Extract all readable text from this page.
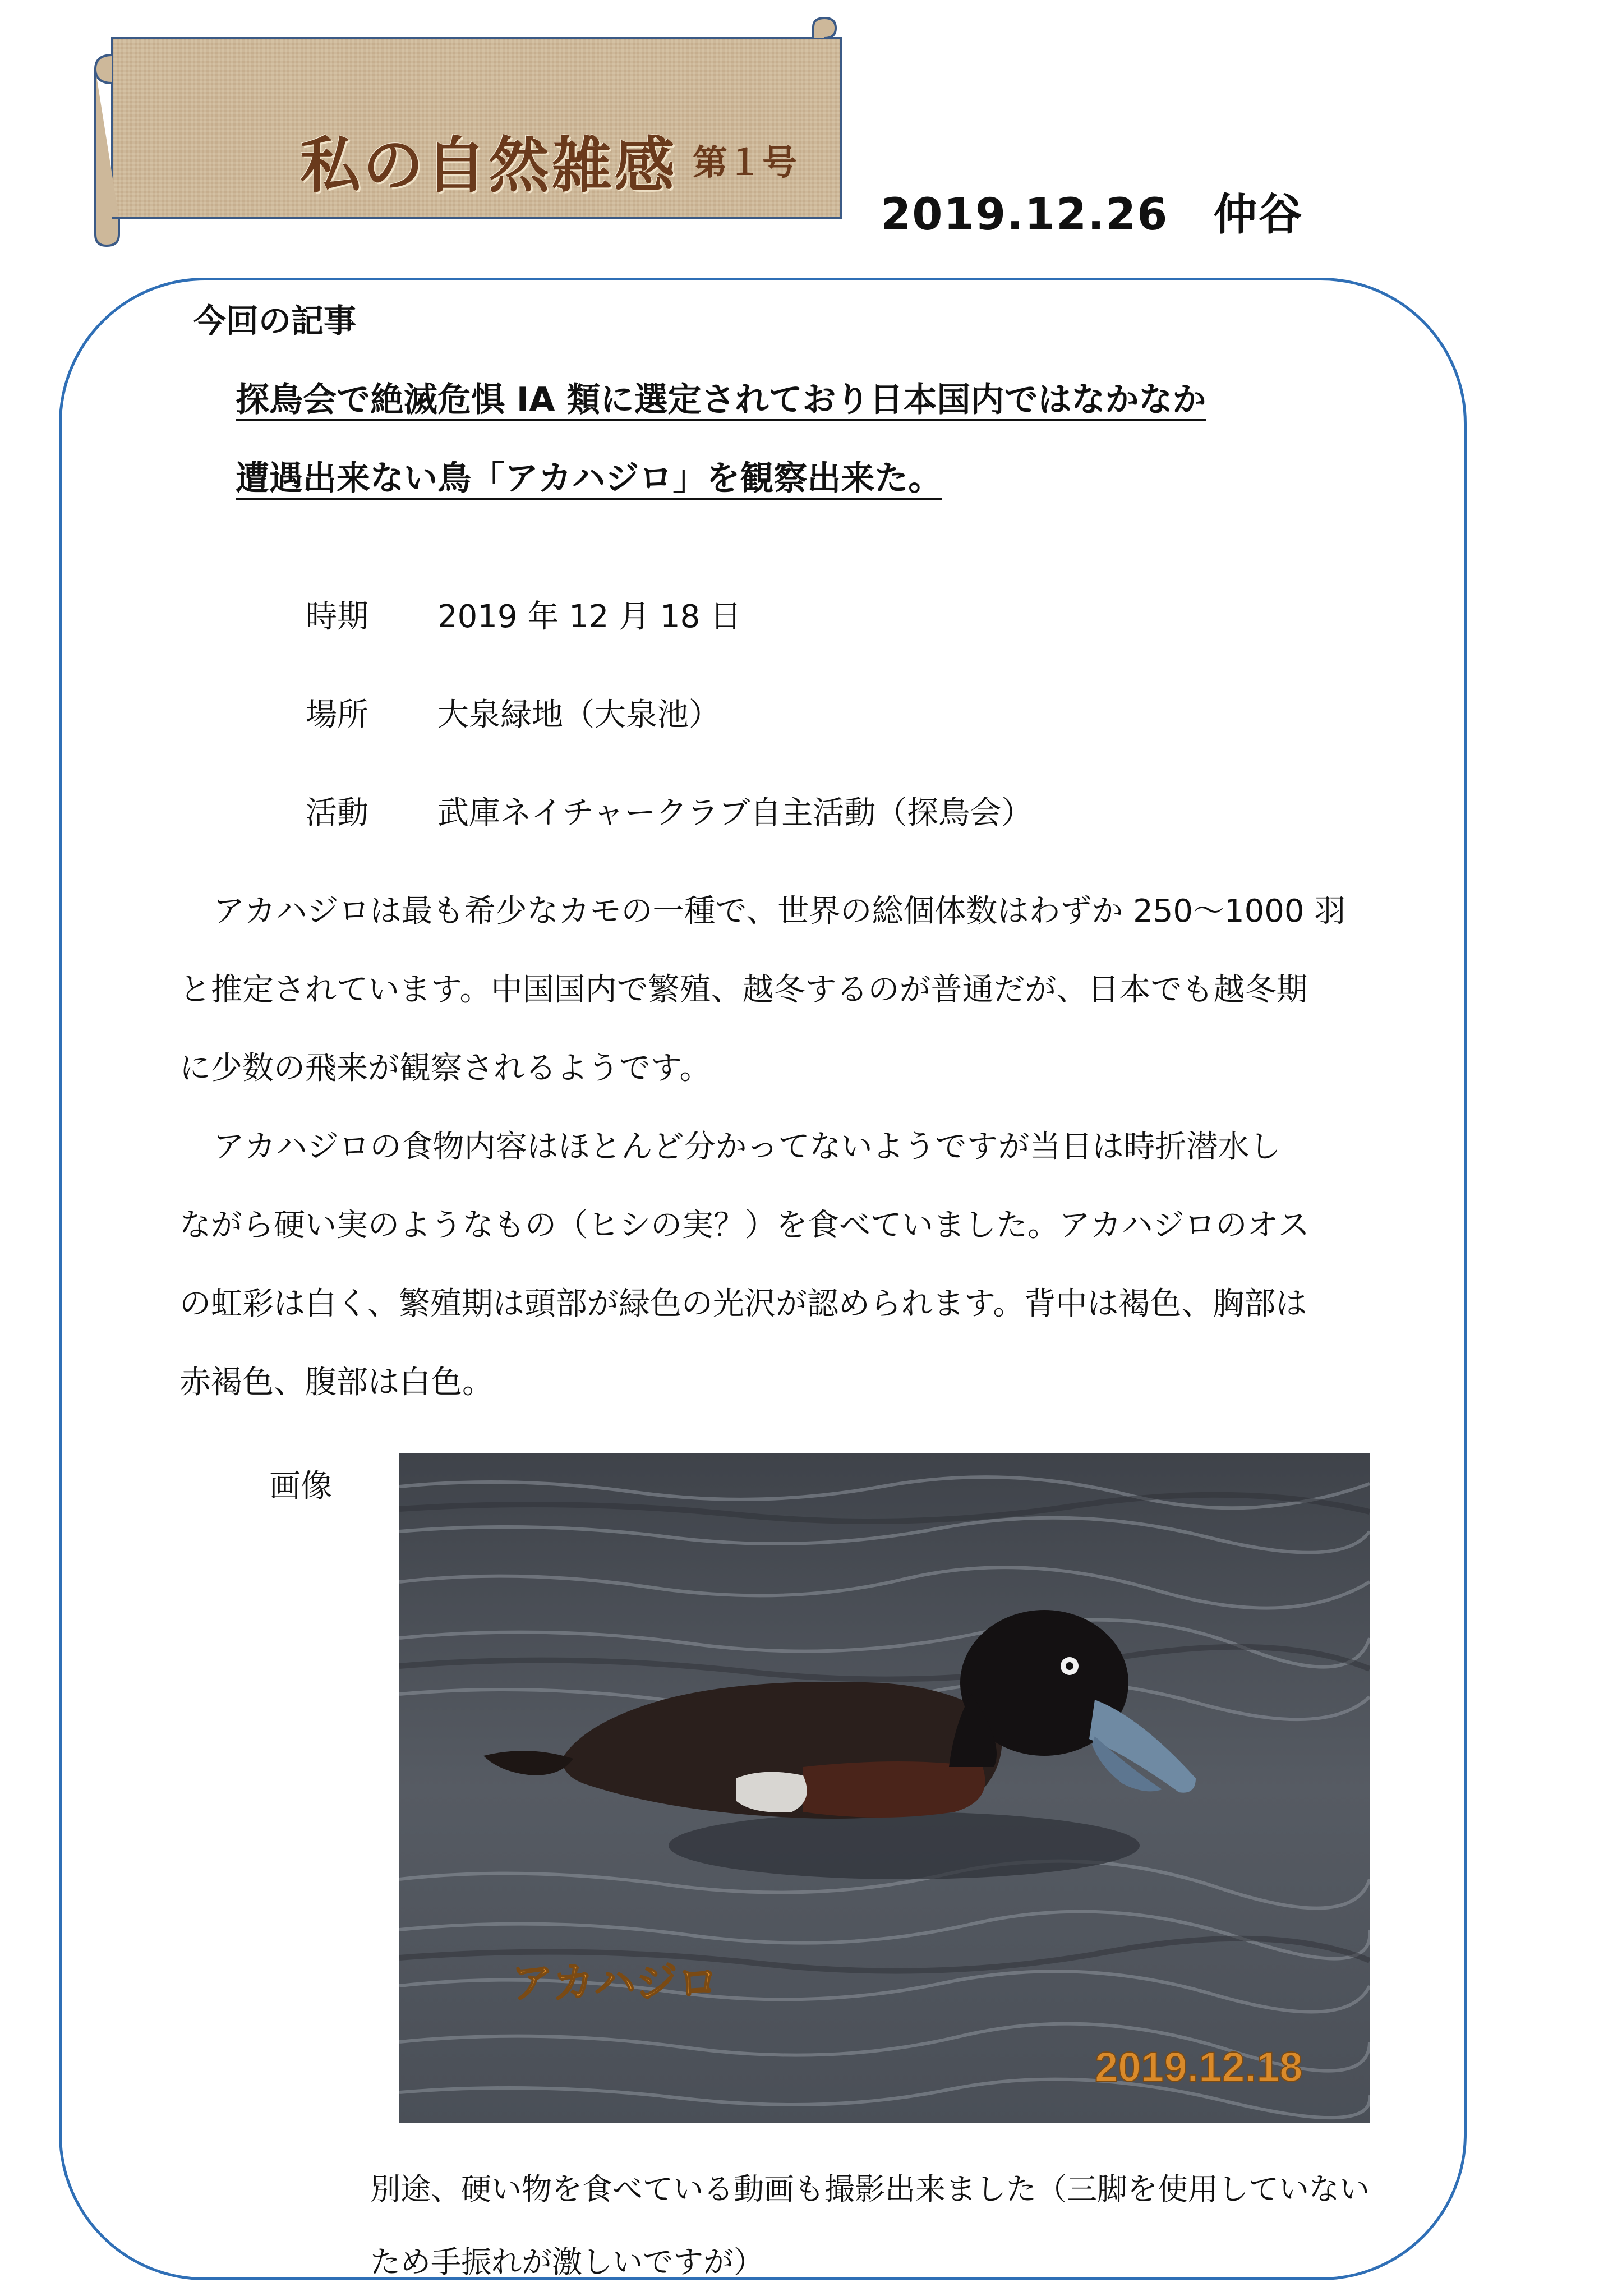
私の自然雑感 第１号
2019.12.26　仲谷
今回の記事
探鳥会で絶滅危惧 IA 類に選定されており日本国内ではなかなか
遭遇出来ない鳥「アカハジロ」を観察出来た。
時期 2019 年 12 月 18 日
場所 大泉緑地（大泉池）
活動 武庫ネイチャークラブ自主活動（探鳥会）
アカハジロは最も希少なカモの一種で、世界の総個体数はわずか 250～1000 羽
と推定されています。中国国内で繁殖、越冬するのが普通だが、日本でも越冬期
に少数の飛来が観察されるようです。
アカハジロの食物内容はほとんど分かってないようですが当日は時折潜水し
ながら硬い実のようなもの（ヒシの実？）を食べていました。アカハジロのオス
の虹彩は白く、繁殖期は頭部が緑色の光沢が認められます。背中は褐色、胸部は
赤褐色、腹部は白色。
画像
アカハジロ
2019.12.18
別途、硬い物を食べている動画も撮影出来ました（三脚を使用していない
ため手振れが激しいですが）
